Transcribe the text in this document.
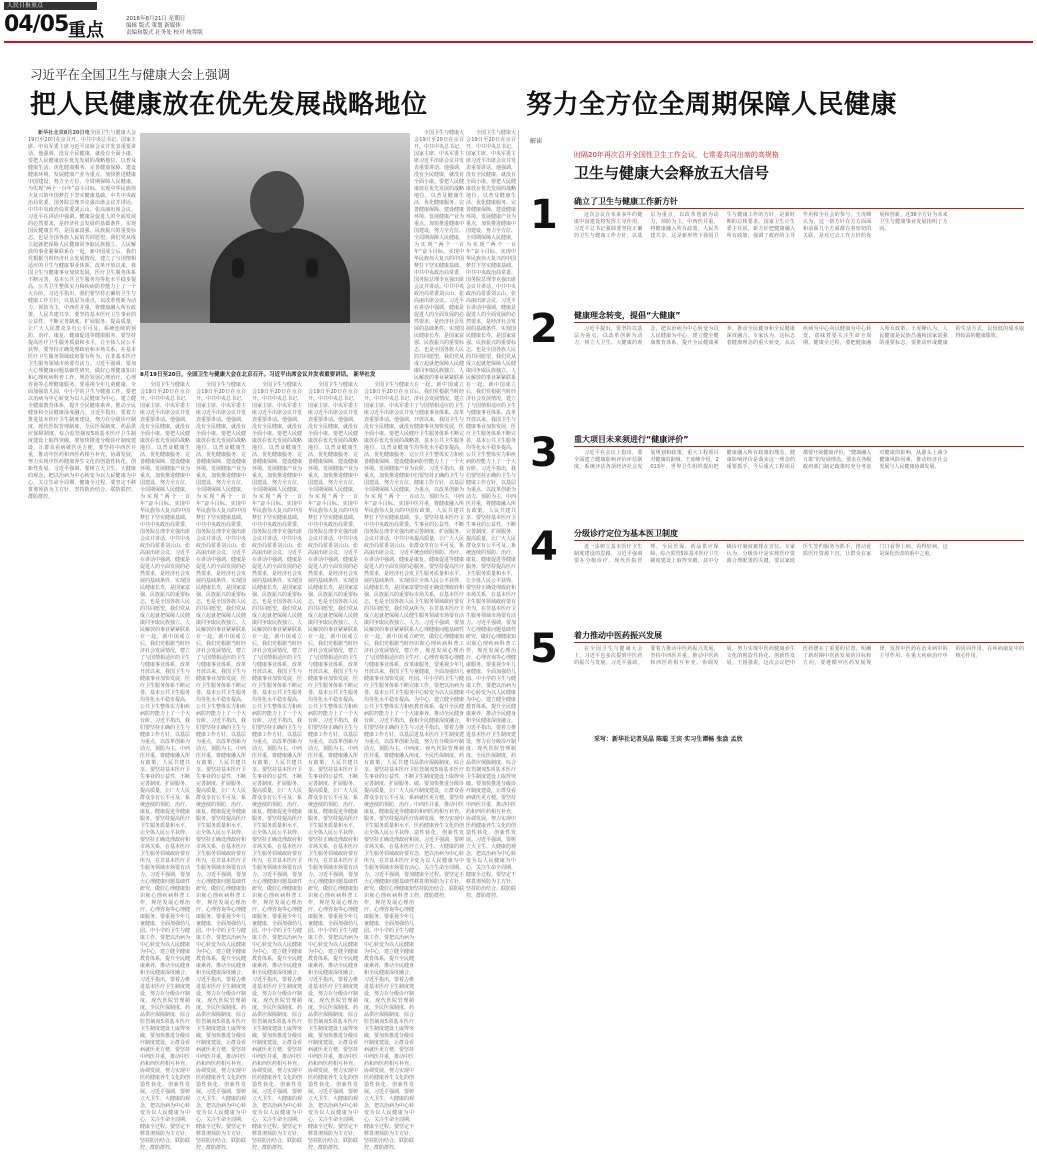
人民日报重点
04/05 重点
2016年8月21日 星期日
编辑 版式 策划 新媒体
责编和版式 社务处 校对 统筹版
习近平在全国卫生与健康大会上强调
把人民健康放在优先发展战略地位	努力全方位全周期保障人民健康

新华社北京8月20日电全国卫生与健康大会19日至20日在京召开。中共中央总书记、国家主席、中央军委主席习近平出席会议并发表重要讲话。他强调，没有全民健康，就没有全面小康。要把人民健康放在优先发展的战略地位，以普及健康生活、优化健康服务、完善健康保障、建设健康环境、发展健康产业为重点，加快推进健康中国建设，努力全方位、全周期保障人民健康，为实现“两个一百年”奋斗目标、实现中华民族伟大复兴的中国梦打下坚实健康基础。中共中央政治局常委、国务院总理李克强出席会议并讲话。中共中央政治局常委刘云山、张高丽出席会议。习近平在讲话中强调，健康是促进人的全面发展的必然要求，是经济社会发展的基础条件。实现国民健康长寿，是国家富强、民族振兴的重要标志，也是全国各族人民的共同愿望。我们党从成立起就把保障人民健康同争取民族独立、人民解放的事业紧紧联系在一起。新中国成立后，我们党根据当时经济社会发展情况，建立了与国情相适应的卫生与健康事业体系。改革开放以来，我国卫生与健康事业加快发展，医疗卫生服务体系不断完善，基本公共卫生服务均等化水平稳步提高，公共卫生整体实力和疾病防控能力上了一个大台阶。习近平指出，我们要坚持正确的卫生与健康工作方针，以基层为重点，以改革创新为动力，预防为主，中西医并重，将健康融入所有政策，人民共建共享。要坚持基本医疗卫生事业的公益性，不断完善制度、扩展服务、提高质量，让广大人民群众享有公平可及、系统连续的预防、治疗、康复、健康促进等健康服务。要坚持提高医疗卫生服务质量和水平，让全体人民公平获得。要坚持正确处理政府和市场关系，在基本医疗卫生服务领域政府要有所为，在非基本医疗卫生服务领域市场要有活力。习近平强调，要加大心理健康问题基础性研究，做好心理健康知识和心理疾病科普工作，规范发展心理治疗、心理咨询等心理健康服务。要重视少年儿童健康，全面加强幼儿园、中小学的卫生与健康工作。要把以治病为中心转变为以人民健康为中心，建立健全健康教育体系，提升全民健康素养，推动全民健身和全民健康深度融合。习近平指出，要着力推进基本医疗卫生制度建设，努力在分级诊疗制度、现代医院管理制度、全民医保制度、药品供应保障制度、综合监管制度5项基本医疗卫生制度建设上取得突破。要加快推进分级诊疗制度建设，让群众看病就医更方便。要坚持中西医并重，推动中医药和西医药相互补充、协调发展，努力实现中医药健康养生文化的创造性转化、创新性发展。习近平强调，要树立大卫生、大健康的观念，把以治病为中心转变为以人民健康为中心，关注生命全周期、健康全过程。要坚定不移贯彻预防为主方针，坚持防治结合、联防联控、群防群控。

全国卫生与健康大会19日至20日在京召开。中共中央总书记、国家主席、中央军委主席习近平出席会议并发表重要讲话。他强调，没有全民健康，就没有全面小康。要把人民健康放在优先发展的战略地位，以普及健康生活、优化健康服务、完善健康保障、建设健康环境、发展健康产业为重点，加快推进健康中国建设，努力全方位、全周期保障人民健康，为实现“两个一百年”奋斗目标、实现中华民族伟大复兴的中国梦打下坚实健康基础。中共中央政治局常委、国务院总理李克强出席会议并讲话。中共中央政治局常委刘云山、张高丽出席会议。习近平在讲话中强调，健康是促进人的全面发展的必然要求，是经济社会发展的基础条件。实现国民健康长寿，是国家富强、民族振兴的重要标志，也是全国各族人民的共同愿望。我们党从成立起就把保障人民健康同争取民族独立、人民解放的事业紧紧联系在一起。新中国成立后，我们党根据当时经济社会发展情况，建立了与国情相适应的卫生与健康事业体系。改革开放以来，我国卫生与健康事业加快发展，医疗卫生服务体系不断完善，基本公共卫生服务均等化水平稳步提高，公共卫生整体实力和疾病防控能力上了一个大台阶。习近平指出，我们要坚持正确的卫生与健康工作方针，以基层为重点，以改革创新为动力，预防为主，中西医并重，将健康融入所有政策，人民共建共享。要坚持基本医疗卫生事业的公益性，不断完善制度、扩展服务、提高质量，让广大人民群众享有公平可及、系统连续的预防、治疗、康复、健康促进等健康服务。要坚持提高医疗卫生服务质量和水平，让全体人民公平获得。要坚持正确处理政府和市场关系，在基本医疗卫生服务领域政府要有所为，在非基本医疗卫生服务领域市场要有活力。习近平强调，要加大心理健康问题基础性研究，做好心理健康知识和心理疾病科普工作，规范发展心理治疗、心理咨询等心理健康服务。要重视少年儿童健康，全面加强幼儿园、中小学的卫生与健康工作。要把以治病为中心转变为以人民健康为中心，建立健全健康教育体系，提升全民健康素养，推动全民健身和全民健康深度融合。习近平指出，要着力推进基本医疗卫生制度建设，努力在分级诊疗制度、现代医院管理制度、全民医保制度、药品供应保障制度、综合监管制度5项基本医疗卫生制度建设上取得突破。要加快推进分级诊疗制度建设，让群众看病就医更方便。要坚持中西医并重，推动中医药和西医药相互补充、协调发展，努力实现中医药健康养生文化的创造性转化、创新性发展。习近平强调，要树立大卫生、大健康的观念，把以治病为中心转变为以人民健康为中心，关注生命全周期、健康全过程。要坚定不移贯彻预防为主方针，坚持防治结合、联防联控、群防群控。

全国卫生与健康大会19日至20日在京召开。中共中央总书记、国家主席、中央军委主席习近平出席会议并发表重要讲话。他强调，没有全民健康，就没有全面小康。要把人民健康放在优先发展的战略地位，以普及健康生活、优化健康服务、完善健康保障、建设健康环境、发展健康产业为重点，加快推进健康中国建设，努力全方位、全周期保障人民健康，为实现“两个一百年”奋斗目标、实现中华民族伟大复兴的中国梦打下坚实健康基础。中共中央政治局常委、国务院总理李克强出席会议并讲话。中共中央政治局常委刘云山、张高丽出席会议。习近平在讲话中强调，健康是促进人的全面发展的必然要求，是经济社会发展的基础条件。实现国民健康长寿，是国家富强、民族振兴的重要标志，也是全国各族人民的共同愿望。我们党从成立起就把保障人民健康同争取民族独立、人民解放的事业紧紧联系在一起。新中国成立后，我们党根据当时经济社会发展情况，建立了与国情相适应的卫生与健康事业体系。改革开放以来，我国卫生与健康事业加快发展，医疗卫生服务体系不断完善，基本公共卫生服务均等化水平稳步提高，公共卫生整体实力和疾病防控能力上了一个大台阶。习近平指出，我们要坚持正确的卫生与健康工作方针，以基层为重点，以改革创新为动力，预防为主，中西医并重，将健康融入所有政策，人民共建共享。要坚持基本医疗卫生事业的公益性，不断完善制度、扩展服务、提高质量，让广大人民群众享有公平可及、系统连续的预防、治疗、康复、健康促进等健康服务。要坚持提高医疗卫生服务质量和水平，让全体人民公平获得。要坚持正确处理政府和市场关系，在基本医疗卫生服务领域政府要有所为，在非基本医疗卫生服务领域市场要有活力。习近平强调，要加大心理健康问题基础性研究，做好心理健康知识和心理疾病科普工作，规范发展心理治疗、心理咨询等心理健康服务。要重视少年儿童健康，全面加强幼儿园、中小学的卫生与健康工作。要把以治病为中心转变为以人民健康为中心，建立健全健康教育体系，提升全民健康素养，推动全民健身和全民健康深度融合。习近平指出，要着力推进基本医疗卫生制度建设，努力在分级诊疗制度、现代医院管理制度、全民医保制度、药品供应保障制度、综合监管制度5项基本医疗卫生制度建设上取得突破。要加快推进分级诊疗制度建设，让群众看病就医更方便。要坚持中西医并重，推动中医药和西医药相互补充、协调发展，努力实现中医药健康养生文化的创造性转化、创新性发展。习近平强调，要树立大卫生、大健康的观念，把以治病为中心转变为以人民健康为中心，关注生命全周期、健康全过程。要坚定不移贯彻预防为主方针，坚持防治结合、联防联控、群防群控。

全国卫生与健康大会19日至20日在京召开。中共中央总书记、国家主席、中央军委主席习近平出席会议并发表重要讲话。他强调，没有全民健康，就没有全面小康。要把人民健康放在优先发展的战略地位，以普及健康生活、优化健康服务、完善健康保障、建设健康环境、发展健康产业为重点，加快推进健康中国建设，努力全方位、全周期保障人民健康，为实现“两个一百年”奋斗目标、实现中华民族伟大复兴的中国梦打下坚实健康基础。中共中央政治局常委、国务院总理李克强出席会议并讲话。中共中央政治局常委刘云山、张高丽出席会议。习近平在讲话中强调，健康是促进人的全面发展的必然要求，是经济社会发展的基础条件。实现国民健康长寿，是国家富强、民族振兴的重要标志，也是全国各族人民的共同愿望。我们党从成立起就把保障人民健康同争取民族独立、人民解放的事业紧紧联系在一起。新中国成立后，我们党根据当时经济社会发展情况，建立了与国情相适应的卫生与健康事业体系。改革开放以来，我国卫生与健康事业加快发展，医疗卫生服务体系不断完善，基本公共卫生服务均等化水平稳步提高，公共卫生整体实力和疾病防控能力上了一个大台阶。习近平指出，我们要坚持正确的卫生与健康工作方针，以基层为重点，以改革创新为动力，预防为主，中西医并重，将健康融入所有政策，人民共建共享。要坚持基本医疗卫生事业的公益性，不断完善制度、扩展服务、提高质量，让广大人民群众享有公平可及、系统连续的预防、治疗、康复、健康促进等健康服务。要坚持提高医疗卫生服务质量和水平，让全体人民公平获得。要坚持正确处理政府和市场关系，在基本医疗卫生服务领域政府要有所为，在非基本医疗卫生服务领域市场要有活力。习近平强调，要加大心理健康问题基础性研究，做好心理健康知识和心理疾病科普工作，规范发展心理治疗、心理咨询等心理健康服务。要重视少年儿童健康，全面加强幼儿园、中小学的卫生与健康工作。要把以治病为中心转变为以人民健康为中心，建立健全健康教育体系，提升全民健康素养，推动全民健身和全民健康深度融合。习近平指出，要着力推进基本医疗卫生制度建设，努力在分级诊疗制度、现代医院管理制度、全民医保制度、药品供应保障制度、综合监管制度5项基本医疗卫生制度建设上取得突破。要加快推进分级诊疗制度建设，让群众看病就医更方便。要坚持中西医并重，推动中医药和西医药相互补充、协调发展，努力实现中医药健康养生文化的创造性转化、创新性发展。习近平强调，要树立大卫生、大健康的观念，把以治病为中心转变为以人民健康为中心，关注生命全周期、健康全过程。要坚定不移贯彻预防为主方针，坚持防治结合、联防联控、群防群控。

全国卫生与健康大会19日至20日在京召开。中共中央总书记、国家主席、中央军委主席习近平出席会议并发表重要讲话。他强调，没有全民健康，就没有全面小康。要把人民健康放在优先发展的战略地位，以普及健康生活、优化健康服务、完善健康保障、建设健康环境、发展健康产业为重点，加快推进健康中国建设，努力全方位、全周期保障人民健康，为实现“两个一百年”奋斗目标、实现中华民族伟大复兴的中国梦打下坚实健康基础。中共中央政治局常委、国务院总理李克强出席会议并讲话。中共中央政治局常委刘云山、张高丽出席会议。习近平在讲话中强调，健康是促进人的全面发展的必然要求，是经济社会发展的基础条件。实现国民健康长寿，是国家富强、民族振兴的重要标志，也是全国各族人民的共同愿望。我们党从成立起就把保障人民健康同争取民族独立、人民解放的事业紧紧联系在一起。新中国成立后，我们党根据当时经济社会发展情况，建立了与国情相适应的卫生与健康事业体系。改革开放以来，我国卫生与健康事业加快发展，医疗卫生服务体系不断完善，基本公共卫生服务均等化水平稳步提高，公共卫生整体实力和疾病防控能力上了一个大台阶。习近平指出，我们要坚持正确的卫生与健康工作方针，以基层为重点，以改革创新为动力，预防为主，中西医并重，将健康融入所有政策，人民共建共享。要坚持基本医疗卫生事业的公益性，不断完善制度、扩展服务、提高质量，让广大人民群众享有公平可及、系统连续的预防、治疗、康复、健康促进等健康服务。要坚持提高医疗卫生服务质量和水平，让全体人民公平获得。要坚持正确处理政府和市场关系，在基本医疗卫生服务领域政府要有所为，在非基本医疗卫生服务领域市场要有活力。习近平强调，要加大心理健康问题基础性研究，做好心理健康知识和心理疾病科普工作，规范发展心理治疗、心理咨询等心理健康服务。要重视少年儿童健康，全面加强幼儿园、中小学的卫生与健康工作。要把以治病为中心转变为以人民健康为中心，建立健全健康教育体系，提升全民健康素养，推动全民健身和全民健康深度融合。习近平指出，要着力推进基本医疗卫生制度建设，努力在分级诊疗制度、现代医院管理制度、全民医保制度、药品供应保障制度、综合监管制度5项基本医疗卫生制度建设上取得突破。要加快推进分级诊疗制度建设，让群众看病就医更方便。要坚持中西医并重，推动中医药和西医药相互补充、协调发展，努力实现中医药健康养生文化的创造性转化、创新性发展。习近平强调，要树立大卫生、大健康的观念，把以治病为中心转变为以人民健康为中心，关注生命全周期、健康全过程。要坚定不移贯彻预防为主方针，坚持防治结合、联防联控、群防群控。

全国卫生与健康大会19日至20日在京召开。中共中央总书记、国家主席、中央军委主席习近平出席会议并发表重要讲话。他强调，没有全民健康，就没有全面小康。要把人民健康放在优先发展的战略地位，以普及健康生活、优化健康服务、完善健康保障、建设健康环境、发展健康产业为重点，加快推进健康中国建设，努力全方位、全周期保障人民健康，为实现“两个一百年”奋斗目标、实现中华民族伟大复兴的中国梦打下坚实健康基础。中共中央政治局常委、国务院总理李克强出席会议并讲话。中共中央政治局常委刘云山、张高丽出席会议。习近平在讲话中强调，健康是促进人的全面发展的必然要求，是经济社会发展的基础条件。实现国民健康长寿，是国家富强、民族振兴的重要标志，也是全国各族人民的共同愿望。我们党从成立起就把保障人民健康同争取民族独立、人民解放的事业紧紧联系在一起。新中国成立后，我们党根据当时经济社会发展情况，建立了与国情相适应的卫生与健康事业体系。改革开放以来，我国卫生与健康事业加快发展，医疗卫生服务体系不断完善，基本公共卫生服务均等化水平稳步提高，公共卫生整体实力和疾病防控能力上了一个大台阶。习近平指出，我们要坚持正确的卫生与健康工作方针，以基层为重点，以改革创新为动力，预防为主，中西医并重，将健康融入所有政策，人民共建共享。要坚持基本医疗卫生事业的公益性，不断完善制度、扩展服务、提高质量，让广大人民群众享有公平可及、系统连续的预防、治疗、康复、健康促进等健康服务。要坚持提高医疗卫生服务质量和水平，让全体人民公平获得。要坚持正确处理政府和市场关系，在基本医疗卫生服务领域政府要有所为，在非基本医疗卫生服务领域市场要有活力。习近平强调，要加大心理健康问题基础性研究，做好心理健康知识和心理疾病科普工作，规范发展心理治疗、心理咨询等心理健康服务。要重视少年儿童健康，全面加强幼儿园、中小学的卫生与健康工作。要把以治病为中心转变为以人民健康为中心，建立健全健康教育体系，提升全民健康素养，推动全民健身和全民健康深度融合。习近平指出，要着力推进基本医疗卫生制度建设，努力在分级诊疗制度、现代医院管理制度、全民医保制度、药品供应保障制度、综合监管制度5项基本医疗卫生制度建设上取得突破。要加快推进分级诊疗制度建设，让群众看病就医更方便。要坚持中西医并重，推动中医药和西医药相互补充、协调发展，努力实现中医药健康养生文化的创造性转化、创新性发展。习近平强调，要树立大卫生、大健康的观念，把以治病为中心转变为以人民健康为中心，关注生命全周期、健康全过程。要坚定不移贯彻预防为主方针，坚持防治结合、联防联控、群防群控。

全国卫生与健康大会19日至20日在京召开。中共中央总书记、国家主席、中央军委主席习近平出席会议并发表重要讲话。他强调，没有全民健康，就没有全面小康。要把人民健康放在优先发展的战略地位，以普及健康生活、优化健康服务、完善健康保障、建设健康环境、发展健康产业为重点，加快推进健康中国建设，努力全方位、全周期保障人民健康，为实现“两个一百年”奋斗目标、实现中华民族伟大复兴的中国梦打下坚实健康基础。中共中央政治局常委、国务院总理李克强出席会议并讲话。中共中央政治局常委刘云山、张高丽出席会议。习近平在讲话中强调，健康是促进人的全面发展的必然要求，是经济社会发展的基础条件。实现国民健康长寿，是国家富强、民族振兴的重要标志，也是全国各族人民的共同愿望。我们党从成立起就把保障人民健康同争取民族独立、人民解放的事业紧紧联系在一起。新中国成立后，我们党根据当时经济社会发展情况，建立了与国情相适应的卫生与健康事业体系。改革开放以来，我国卫生与健康事业加快发展，医疗卫生服务体系不断完善，基本公共卫生服务均等化水平稳步提高，公共卫生整体实力和疾病防控能力上了一个大台阶。习近平指出，我们要坚持正确的卫生与健康工作方针，以基层为重点，以改革创新为动力，预防为主，中西医并重，将健康融入所有政策，人民共建共享。要坚持基本医疗卫生事业的公益性，不断完善制度、扩展服务、提高质量，让广大人民群众享有公平可及、系统连续的预防、治疗、康复、健康促进等健康服务。要坚持提高医疗卫生服务质量和水平，让全体人民公平获得。要坚持正确处理政府和市场关系，在基本医疗卫生服务领域政府要有所为，在非基本医疗卫生服务领域市场要有活力。习近平强调，要加大心理健康问题基础性研究，做好心理健康知识和心理疾病科普工作，规范发展心理治疗、心理咨询等心理健康服务。要重视少年儿童健康，全面加强幼儿园、中小学的卫生与健康工作。要把以治病为中心转变为以人民健康为中心，建立健全健康教育体系，提升全民健康素养，推动全民健身和全民健康深度融合。习近平指出，要着力推进基本医疗卫生制度建设，努力在分级诊疗制度、现代医院管理制度、全民医保制度、药品供应保障制度、综合监管制度5项基本医疗卫生制度建设上取得突破。要加快推进分级诊疗制度建设，让群众看病就医更方便。要坚持中西医并重，推动中医药和西医药相互补充、协调发展，努力实现中医药健康养生文化的创造性转化、创新性发展。习近平强调，要树立大卫生、大健康的观念，把以治病为中心转变为以人民健康为中心，关注生命全周期、健康全过程。要坚定不移贯彻预防为主方针，坚持防治结合、联防联控、群防群控。

全国卫生与健康大会19日至20日在京召开。中共中央总书记、国家主席、中央军委主席习近平出席会议并发表重要讲话。他强调，没有全民健康，就没有全面小康。要把人民健康放在优先发展的战略地位，以普及健康生活、优化健康服务、完善健康保障、建设健康环境、发展健康产业为重点，加快推进健康中国建设，努力全方位、全周期保障人民健康，为实现“两个一百年”奋斗目标、实现中华民族伟大复兴的中国梦打下坚实健康基础。中共中央政治局常委、国务院总理李克强出席会议并讲话。中共中央政治局常委刘云山、张高丽出席会议。习近平在讲话中强调，健康是促进人的全面发展的必然要求，是经济社会发展的基础条件。实现国民健康长寿，是国家富强、民族振兴的重要标志，也是全国各族人民的共同愿望。我们党从成立起就把保障人民健康同争取民族独立、人民解放的事业紧紧联系在一起。新中国成立后，我们党根据当时经济社会发展情况，建立了与国情相适应的卫生与健康事业体系。改革开放以来，我国卫生与健康事业加快发展，医疗卫生服务体系不断完善，基本公共卫生服务均等化水平稳步提高，公共卫生整体实力和疾病防控能力上了一个大台阶。习近平指出，我们要坚持正确的卫生与健康工作方针，以基层为重点，以改革创新为动力，预防为主，中西医并重，将健康融入所有政策，人民共建共享。要坚持基本医疗卫生事业的公益性，不断完善制度、扩展服务、提高质量，让广大人民群众享有公平可及、系统连续的预防、治疗、康复、健康促进等健康服务。要坚持提高医疗卫生服务质量和水平，让全体人民公平获得。要坚持正确处理政府和市场关系，在基本医疗卫生服务领域政府要有所为，在非基本医疗卫生服务领域市场要有活力。习近平强调，要加大心理健康问题基础性研究，做好心理健康知识和心理疾病科普工作，规范发展心理治疗、心理咨询等心理健康服务。要重视少年儿童健康，全面加强幼儿园、中小学的卫生与健康工作。要把以治病为中心转变为以人民健康为中心，建立健全健康教育体系，提升全民健康素养，推动全民健身和全民健康深度融合。习近平指出，要着力推进基本医疗卫生制度建设，努力在分级诊疗制度、现代医院管理制度、全民医保制度、药品供应保障制度、综合监管制度5项基本医疗卫生制度建设上取得突破。要加快推进分级诊疗制度建设，让群众看病就医更方便。要坚持中西医并重，推动中医药和西医药相互补充、协调发展，努力实现中医药健康养生文化的创造性转化、创新性发展。习近平强调，要树立大卫生、大健康的观念，把以治病为中心转变为以人民健康为中心，关注生命全周期、健康全过程。要坚定不移贯彻预防为主方针，坚持防治结合、联防联控、群防群控。

8月19日至20日，全国卫生与健康大会在北京召开。习近平出席会议并发表重要讲话。 新华社发
解读
时隔20年再次召开全国性卫生工作会议，七常委共同出席的高规格
卫生与健康大会释放五大信号
1 确立了卫生与健康工作新方针

这次会议在未来多年的健康中国建设将发挥主导作用。习近平总书记强调要坚持正确的卫生与健康工作方针，以基层为重点，以改革创新为动力，预防为主，中西医并重，将健康融入所有政策，人民共建共享。这是新形势下我国卫生与健康工作的方针，是新时期的总体要求。国家卫生计生委主任说，新方针把健康融入所有政策，强调了政府的主导作用和全社会的参与。王虎峰认为，这一新方针在方方面面和前面几个方面都有着密切的关联，是对过去工作方针的发展和创新。这36字方针为未来卫生与健康事业发展指明了方向。

2 健康理念转变，提倡“大健康”

习近平提出，要坚持以基层为重点，以改革创新为动力，树立大卫生、大健康的观念，把以治病为中心转变为以人民健康为中心，建立健全健康教育体系，提升全民健康素养，推动全民健身和全民健康深度融合。专家认为，这标志着健康理念的重大转变。从以疾病为中心向以健康为中心转变，意味着要关注生命全周期、健康全过程，要把健康融入所有政策。王虎峰认为，人民健康是民族昌盛和国家富强的重要标志，要推动形成健康的生活方式，以较低的成本取得较高的健康绩效。

3 重大项目未来须进行“健康评价”

习近平在会议上指出，要全面建立健康影响评价评估制度，系统评估各项经济社会发展规划和政策、重大工程项目对健康的影响。王虎峰介绍，2013年，世界卫生组织提出把健康融入所有政策的理念。健康影响评价是落实这一理念的重要抓手，今后重大工程项目都要开展健康评价。“健康融入万策”的发展理念，要求在各级政府部门制定政策时充分考虑对健康的影响，从源头上减少健康风险因素，推动经济社会发展与人民健康协调发展。

4 分级诊疗定位为基本医卫制度

进一步树立基本医疗卫生制度建设的思路，习近平强调要在分级诊疗、现代医院管理、全民医保、药品供应保障、综合监管5项基本医疗卫生制度建设上取得突破，其中分级诊疗制度被排在首位。专家认为，分级诊疗是实现医疗资源合理配置的关键，要以家庭医生签约服务为抓手，推动优质医疗资源下沉，让群众在家门口看得上病、看得好病，这是深化医改的重中之重。

5 着力推动中医药振兴发展

在全国卫生与健康大会上，习近平也多次提到中医药的振兴与发展。习近平强调，要着力推动中医药振兴发展，坚持中西医并重，推动中医药和西医药相互补充、协调发展，努力实现中医药健康养生文化的创造性转化、创新性发展。王国强说，这次会议把中医药摆在了重要的位置，明确了新时期中医药发展的目标和方向，要遵循中医药发展规律，发挥中医药在治未病中的主导作用、在重大疾病治疗中的协同作用、在疾病康复中的核心作用。

采写：新华社记者吴晶 陈聪 王宾 实习生谭畅 张盎 孟欣
